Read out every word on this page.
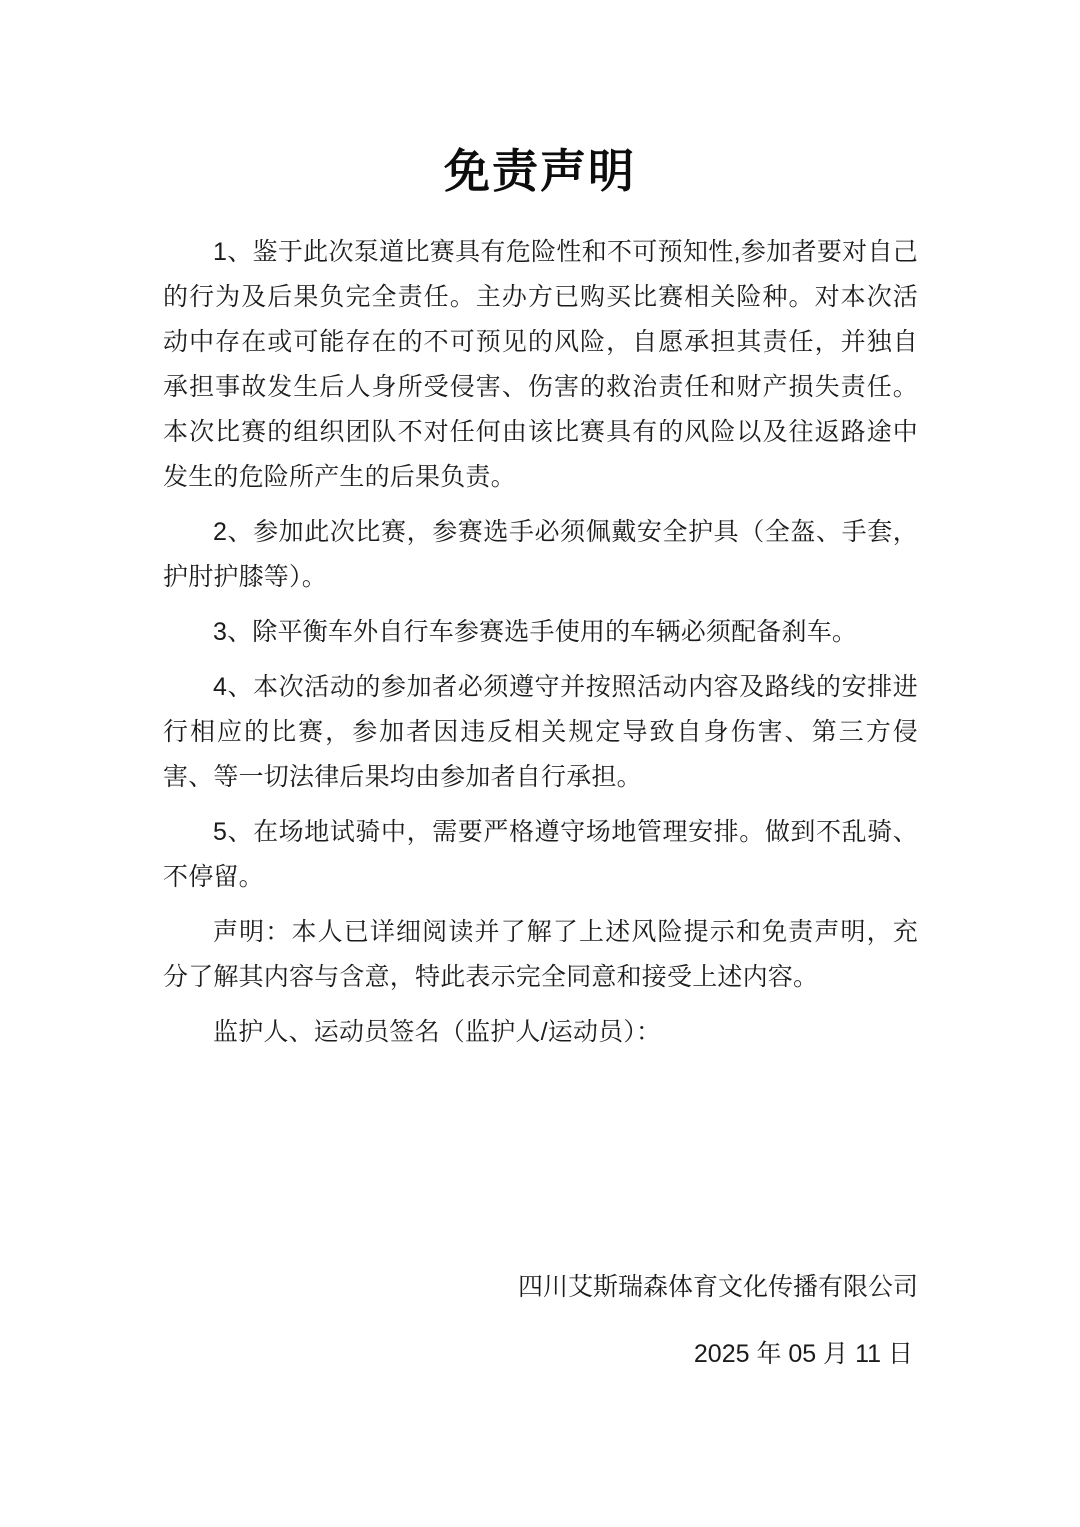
免责声明

1、鉴于此次泵道比赛具有危险性和不可预知性,参加者要对自己的行为及后果负完全责任。主办方已购买比赛相关险种。对本次活动中存在或可能存在的不可预见的风险，自愿承担其责任，并独自承担事故发生后人身所受侵害、伤害的救治责任和财产损失责任。本次比赛的组织团队不对任何由该比赛具有的风险以及往返路途中发生的危险所产生的后果负责。

2、参加此次比赛，参赛选手必须佩戴安全护具（全盔、手套，护肘护膝等）。

3、除平衡车外自行车参赛选手使用的车辆必须配备刹车。

4、本次活动的参加者必须遵守并按照活动内容及路线的安排进行相应的比赛，参加者因违反相关规定导致自身伤害、第三方侵害、等一切法律后果均由参加者自行承担。

5、在场地试骑中，需要严格遵守场地管理安排。做到不乱骑、不停留。

声明：本人已详细阅读并了解了上述风险提示和免责声明，充分了解其内容与含意，特此表示完全同意和接受上述内容。

监护人、运动员签名（监护人/运动员）：

四川艾斯瑞森体育文化传播有限公司
2025 年 05 月 11 日
